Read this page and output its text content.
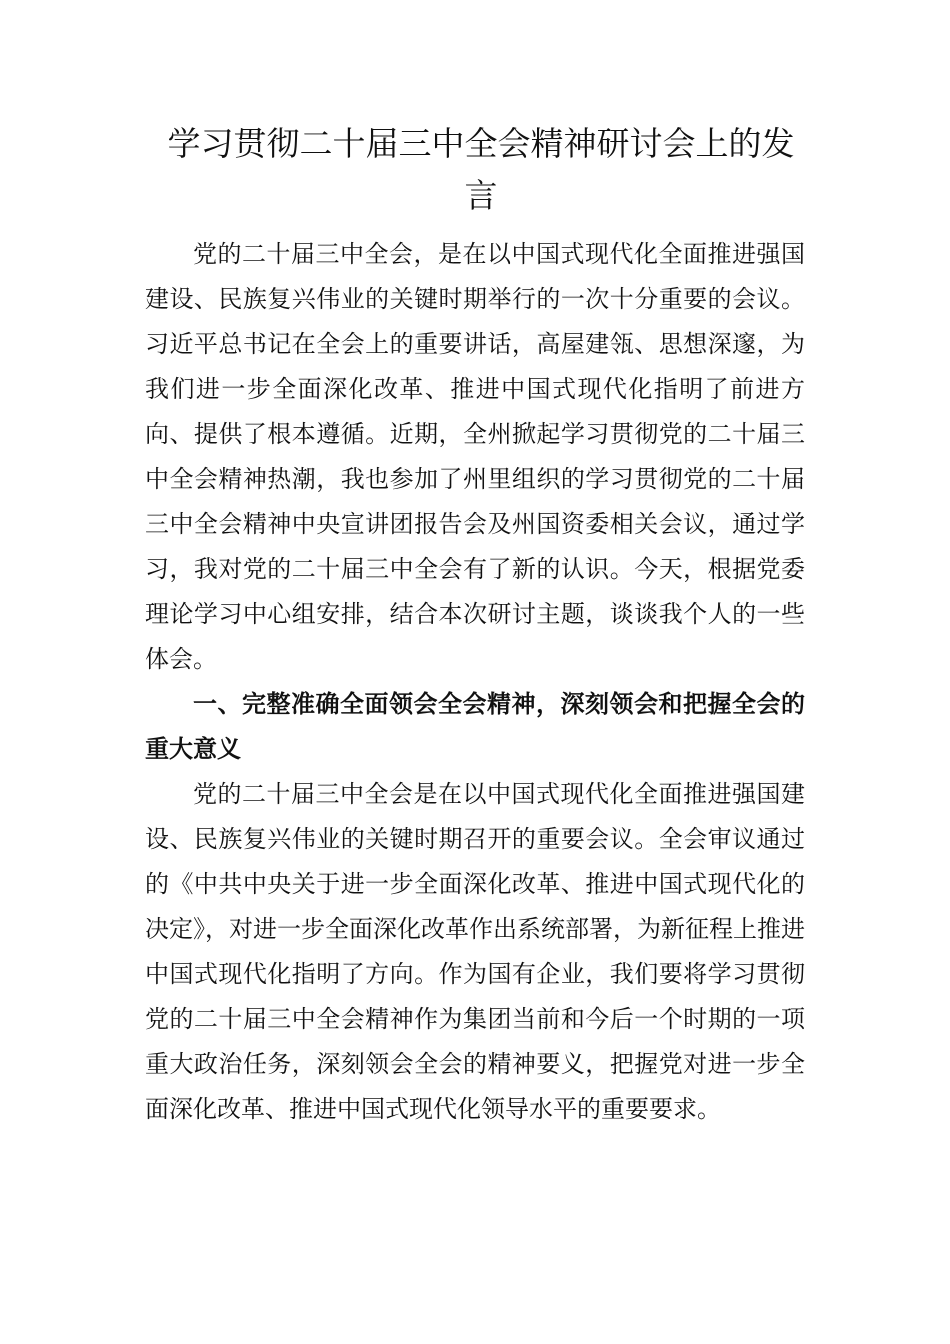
学习贯彻二十届三中全会精神研讨会上的发言

党的二十届三中全会，是在以中国式现代化全面推进强国建设、民族复兴伟业的关键时期举行的一次十分重要的会议。习近平总书记在全会上的重要讲话，高屋建瓴、思想深邃，为我们进一步全面深化改革、推进中国式现代化指明了前进方向、提供了根本遵循。近期，全州掀起学习贯彻党的二十届三中全会精神热潮，我也参加了州里组织的学习贯彻党的二十届三中全会精神中央宣讲团报告会及州国资委相关会议，通过学习，我对党的二十届三中全会有了新的认识。今天，根据党委理论学习中心组安排，结合本次研讨主题，谈谈我个人的一些体会。

一、完整准确全面领会全会精神，深刻领会和把握全会的重大意义

党的二十届三中全会是在以中国式现代化全面推进强国建设、民族复兴伟业的关键时期召开的重要会议。全会审议通过的《中共中央关于进一步全面深化改革、推进中国式现代化的决定》，对进一步全面深化改革作出系统部署，为新征程上推进中国式现代化指明了方向。作为国有企业，我们要将学习贯彻党的二十届三中全会精神作为集团当前和今后一个时期的一项重大政治任务，深刻领会全会的精神要义，把握党对进一步全面深化改革、推进中国式现代化领导水平的重要要求。
